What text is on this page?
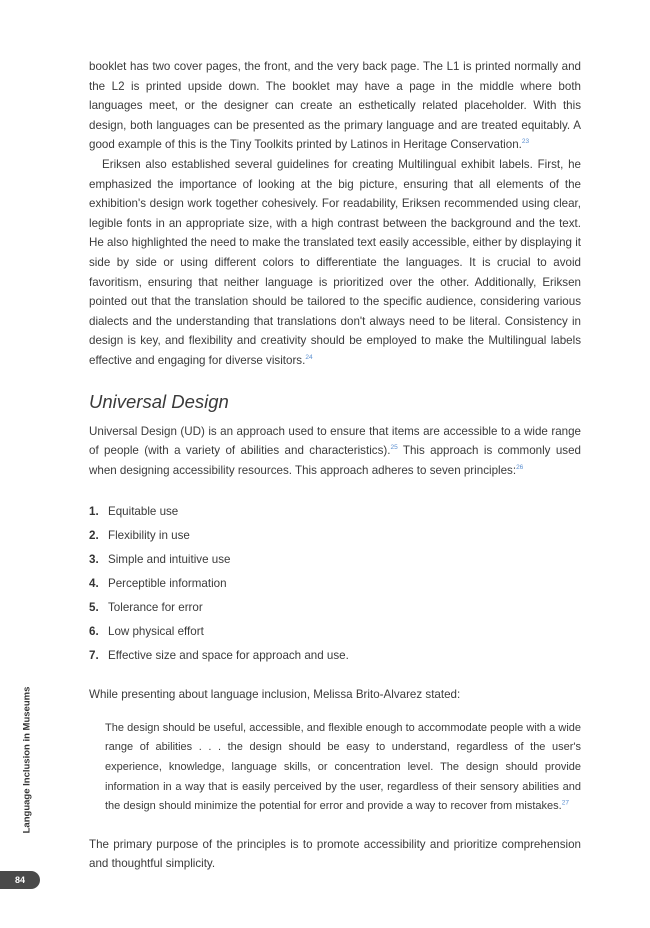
booklet has two cover pages, the front, and the very back page. The L1 is printed normally and the L2 is printed upside down. The booklet may have a page in the middle where both languages meet, or the designer can create an esthetically related placeholder. With this design, both languages can be presented as the primary language and are treated equitably. A good example of this is the Tiny Toolkits printed by Latinos in Heritage Conservation.$^{23}$

Eriksen also established several guidelines for creating Multilingual exhibit labels. First, he emphasized the importance of looking at the big picture, ensuring that all elements of the exhibition's design work together cohesively. For readability, Eriksen recommended using clear, legible fonts in an appropriate size, with a high contrast between the background and the text. He also highlighted the need to make the translated text easily accessible, either by displaying it side by side or using different colors to differentiate the languages. It is crucial to avoid favoritism, ensuring that neither language is prioritized over the other. Additionally, Eriksen pointed out that the translation should be tailored to the specific audience, considering various dialects and the understanding that translations don't always need to be literal. Consistency in design is key, and flexibility and creativity should be employed to make the Multilingual labels effective and engaging for diverse visitors.$^{24}$

Universal Design

Universal Design (UD) is an approach used to ensure that items are accessible to a wide range of people (with a variety of abilities and characteristics).$^{25}$ This approach is commonly used when designing accessibility resources. This approach adheres to seven principles:$^{26}$

1. Equitable use
2. Flexibility in use
3. Simple and intuitive use
4. Perceptible information
5. Tolerance for error
6. Low physical effort
7. Effective size and space for approach and use.

While presenting about language inclusion, Melissa Brito-Alvarez stated:

The design should be useful, accessible, and flexible enough to accommodate people with a wide range of abilities . . . the design should be easy to understand, regardless of the user's experience, knowledge, language skills, or concentration level. The design should provide information in a way that is easily perceived by the user, regardless of their sensory abilities and the design should minimize the potential for error and provide a way to recover from mistakes.$^{27}$

The primary purpose of the principles is to promote accessibility and prioritize comprehension and thoughtful simplicity.

Language Inclusion in Museums
84
